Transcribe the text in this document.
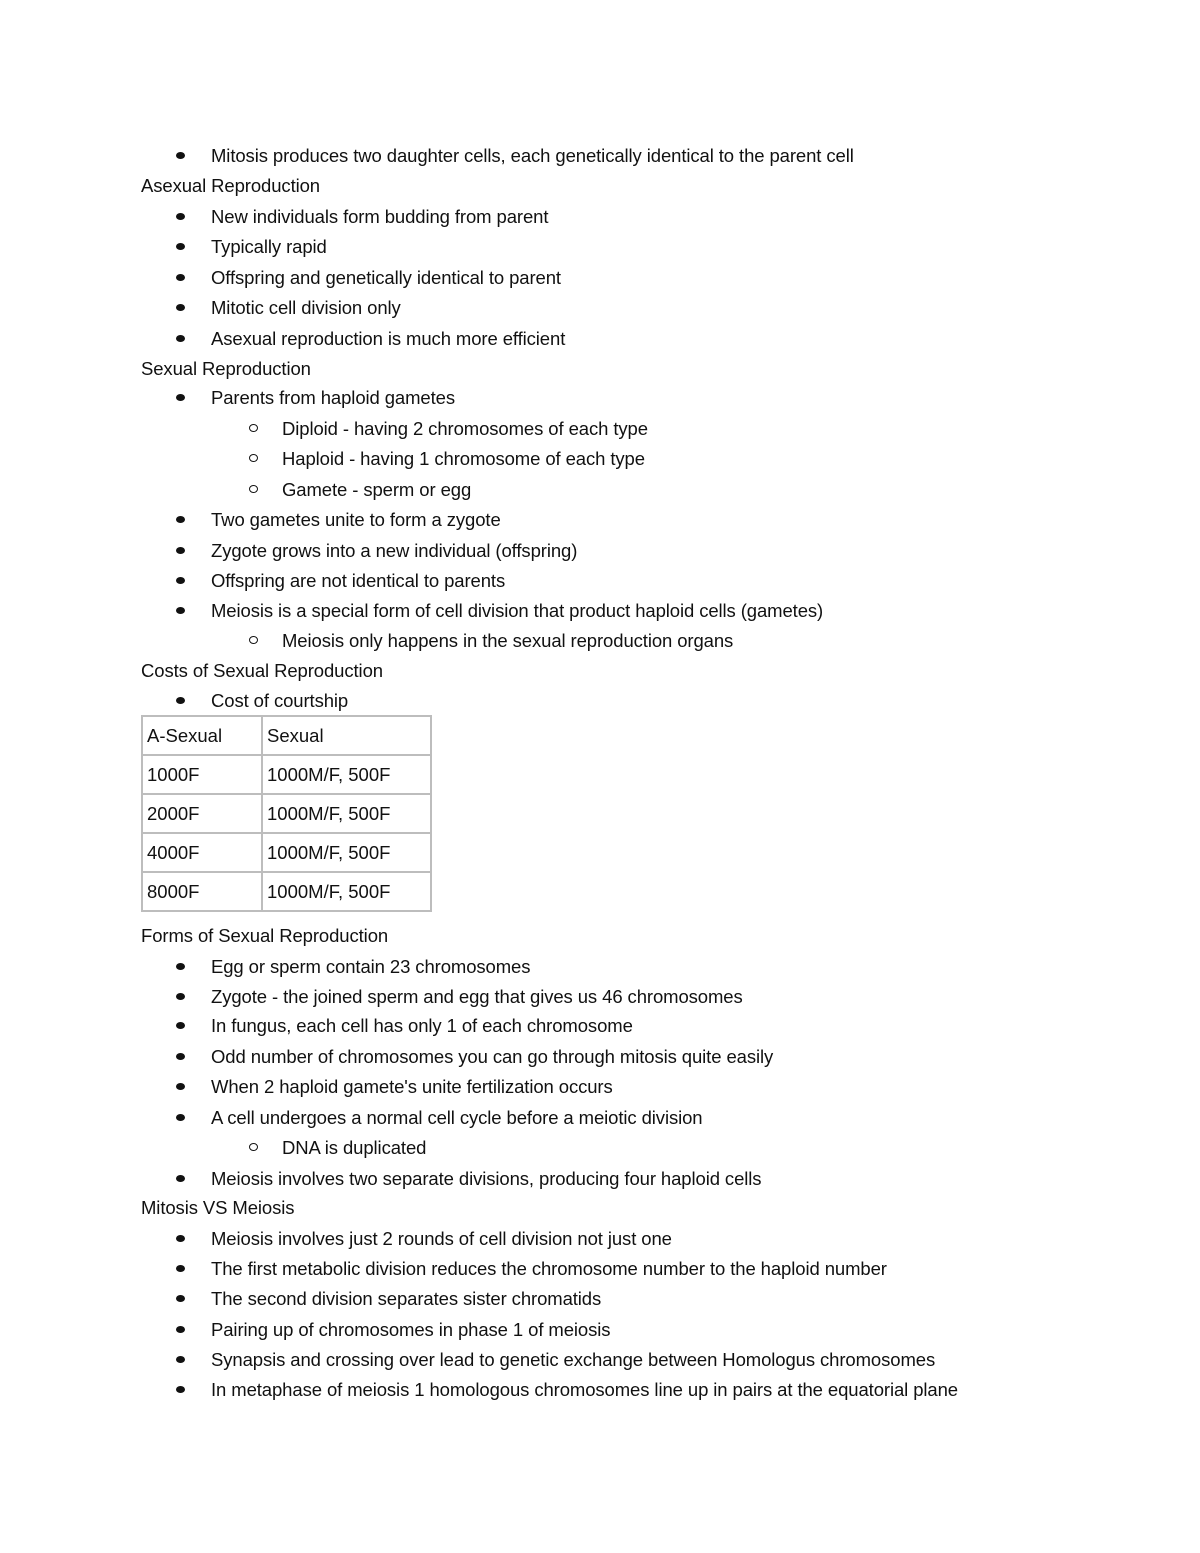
Mitosis produces two daughter cells, each genetically identical to the parent cell
Asexual Reproduction
New individuals form budding from parent
Typically rapid
Offspring and genetically identical to parent
Mitotic cell division only
Asexual reproduction is much more efficient
Sexual Reproduction
Parents from haploid gametes
Diploid - having 2 chromosomes of each type
Haploid - having 1 chromosome of each type
Gamete - sperm or egg
Two gametes unite to form a zygote
Zygote grows into a new individual (offspring)
Offspring are not identical to parents
Meiosis is a special form of cell division that product haploid cells (gametes)
Meiosis only happens in the sexual reproduction organs
Costs of Sexual Reproduction
Cost of courtship
Forms of Sexual Reproduction
Egg or sperm contain 23 chromosomes
Zygote - the joined sperm and egg that gives us 46 chromosomes
In fungus, each cell has only 1 of each chromosome
Odd number of chromosomes you can go through mitosis quite easily
When 2 haploid gamete's unite fertilization occurs
A cell undergoes a normal cell cycle before a meiotic division
DNA is duplicated
Meiosis involves two separate divisions, producing four haploid cells
Mitosis VS Meiosis
Meiosis involves just 2 rounds of cell division not just one
The first metabolic division reduces the chromosome number to the haploid number
The second division separates sister chromatids
Pairing up of chromosomes in phase 1 of meiosis
Synapsis and crossing over lead to genetic exchange between Homologus chromosomes
In metaphase of meiosis 1 homologous chromosomes line up in pairs at the equatorial plane
A-Sexual	Sexual
1000F	1000M/F, 500F
2000F	1000M/F, 500F
4000F	1000M/F, 500F
8000F	1000M/F, 500F
